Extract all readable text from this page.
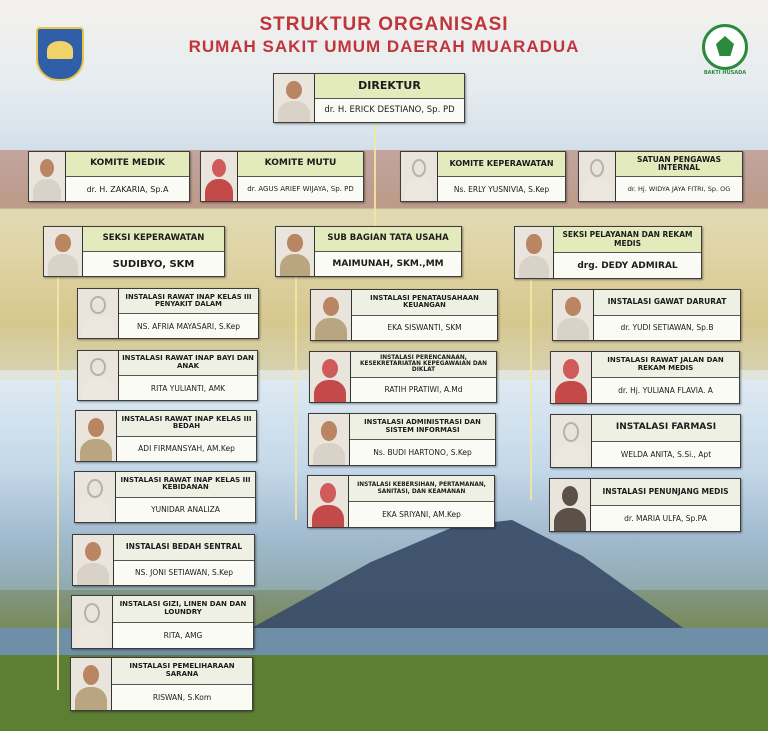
STRUKTUR ORGANISASI
RUMAH SAKIT UMUM DAERAH MUARADUA
BAKTI HUSADA
DIREKTUR
dr. H. ERICK DESTIANO, Sp. PD
KOMITE MEDIK
dr. H. ZAKARIA, Sp.A
KOMITE MUTU
dr. AGUS ARIEF WIJAYA, Sp. PD
KOMITE KEPERAWATAN
Ns. ERLY YUSNIVIA, S.Kep
SATUAN PENGAWAS INTERNAL
dr. Hj. WIDYA JAYA FITRI, Sp. OG
SEKSI KEPERAWATAN
SUDIBYO, SKM
SUB BAGIAN TATA USAHA
MAIMUNAH, SKM.,MM
SEKSI PELAYANAN DAN REKAM MEDIS
drg. DEDY ADMIRAL
INSTALASI RAWAT INAP KELAS III PENYAKIT DALAM
NS. AFRIA MAYASARI, S.Kep
INSTALASI RAWAT INAP BAYI DAN ANAK
RITA YULIANTI, AMK
INSTALASI RAWAT INAP KELAS III BEDAH
ADI FIRMANSYAH, AM.Kep
INSTALASI RAWAT INAP KELAS III KEBIDANAN
YUNIDAR ANALIZA
INSTALASI BEDAH SENTRAL
NS. JONI SETIAWAN, S.Kep
INSTALASI GIZI, LINEN DAN DAN LOUNDRY
RITA, AMG
INSTALASI PEMELIHARAAN SARANA
RISWAN, S.Kom
INSTALASI PENATAUSAHAAN KEUANGAN
EKA SISWANTI, SKM
INSTALASI PERENCANAAN, KESEKRETARIATAN KEPEGAWAIAN DAN DIKLAT
RATIH PRATIWI, A.Md
INSTALASI ADMINISTRASI DAN SISTEM INFORMASI
Ns. BUDI HARTONO, S.Kep
INSTALASI KEBERSIHAN, PERTAMANAN, SANITASI, DAN KEAMANAN
EKA SRIYANI, AM.Kep
INSTALASI GAWAT DARURAT
dr. YUDI SETIAWAN, Sp.B
INSTALASI RAWAT JALAN DAN REKAM MEDIS
dr. Hj. YULIANA FLAVIA. A
INSTALASI FARMASI
WELDA ANITA, S.Si., Apt
INSTALASI PENUNJANG MEDIS
dr. MARIA ULFA, Sp.PA
